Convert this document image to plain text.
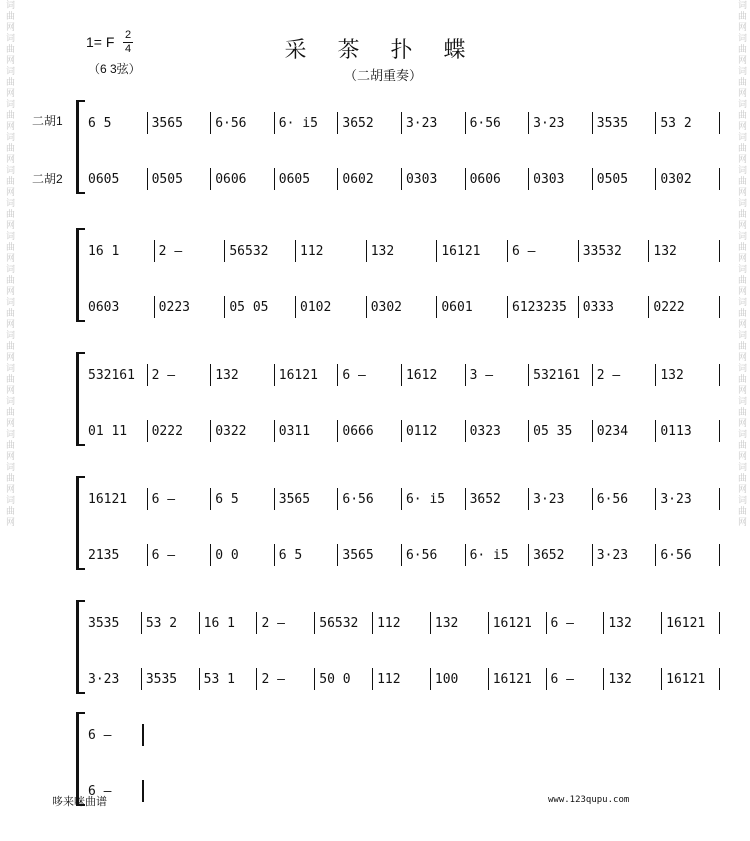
词曲网词曲网词曲网词曲网词曲网词曲网词曲网词曲网词曲网词曲网词曲网词曲网词曲网词曲网词曲网词曲网	词曲网词曲网词曲网词曲网词曲网词曲网词曲网词曲网词曲网词曲网词曲网词曲网词曲网词曲网词曲网词曲网
1= F 2
4
（6 3弦）
采 茶 扑 蝶
（二胡重奏）
二胡1
二胡2
6 5	3565	6·56	6· i5	3652	3·23	6·56	3·23	3535	53 2
0605	0505	0606	0605	0602	0303	0606	0303	0505	0302
16 1	2 –	56532	112	132	16121	6 –	33532	132
0603	0223	05 05	0102	0302	0601	6123235	0333	0222
532161	2 –	132	16121	6 –	1612	3 –	532161	2 –	132
01 11	0222	0322	0311	0666	0112	0323	05 35	0234	0113
16121	6 –	6 5	3565	6·56	6· i5	3652	3·23	6·56	3·23
2135	6 –	0 0	6 5	3565	6·56	6· i5	3652	3·23	6·56
3535	53 2	16 1	2 –	56532	112	132	16121	6 –	132	16121
3·23	3535	53 1	2 –	50 0	112	100	16121	6 –	132	16121
6 –
6 –
哆来咪曲谱	www.123qupu.com
